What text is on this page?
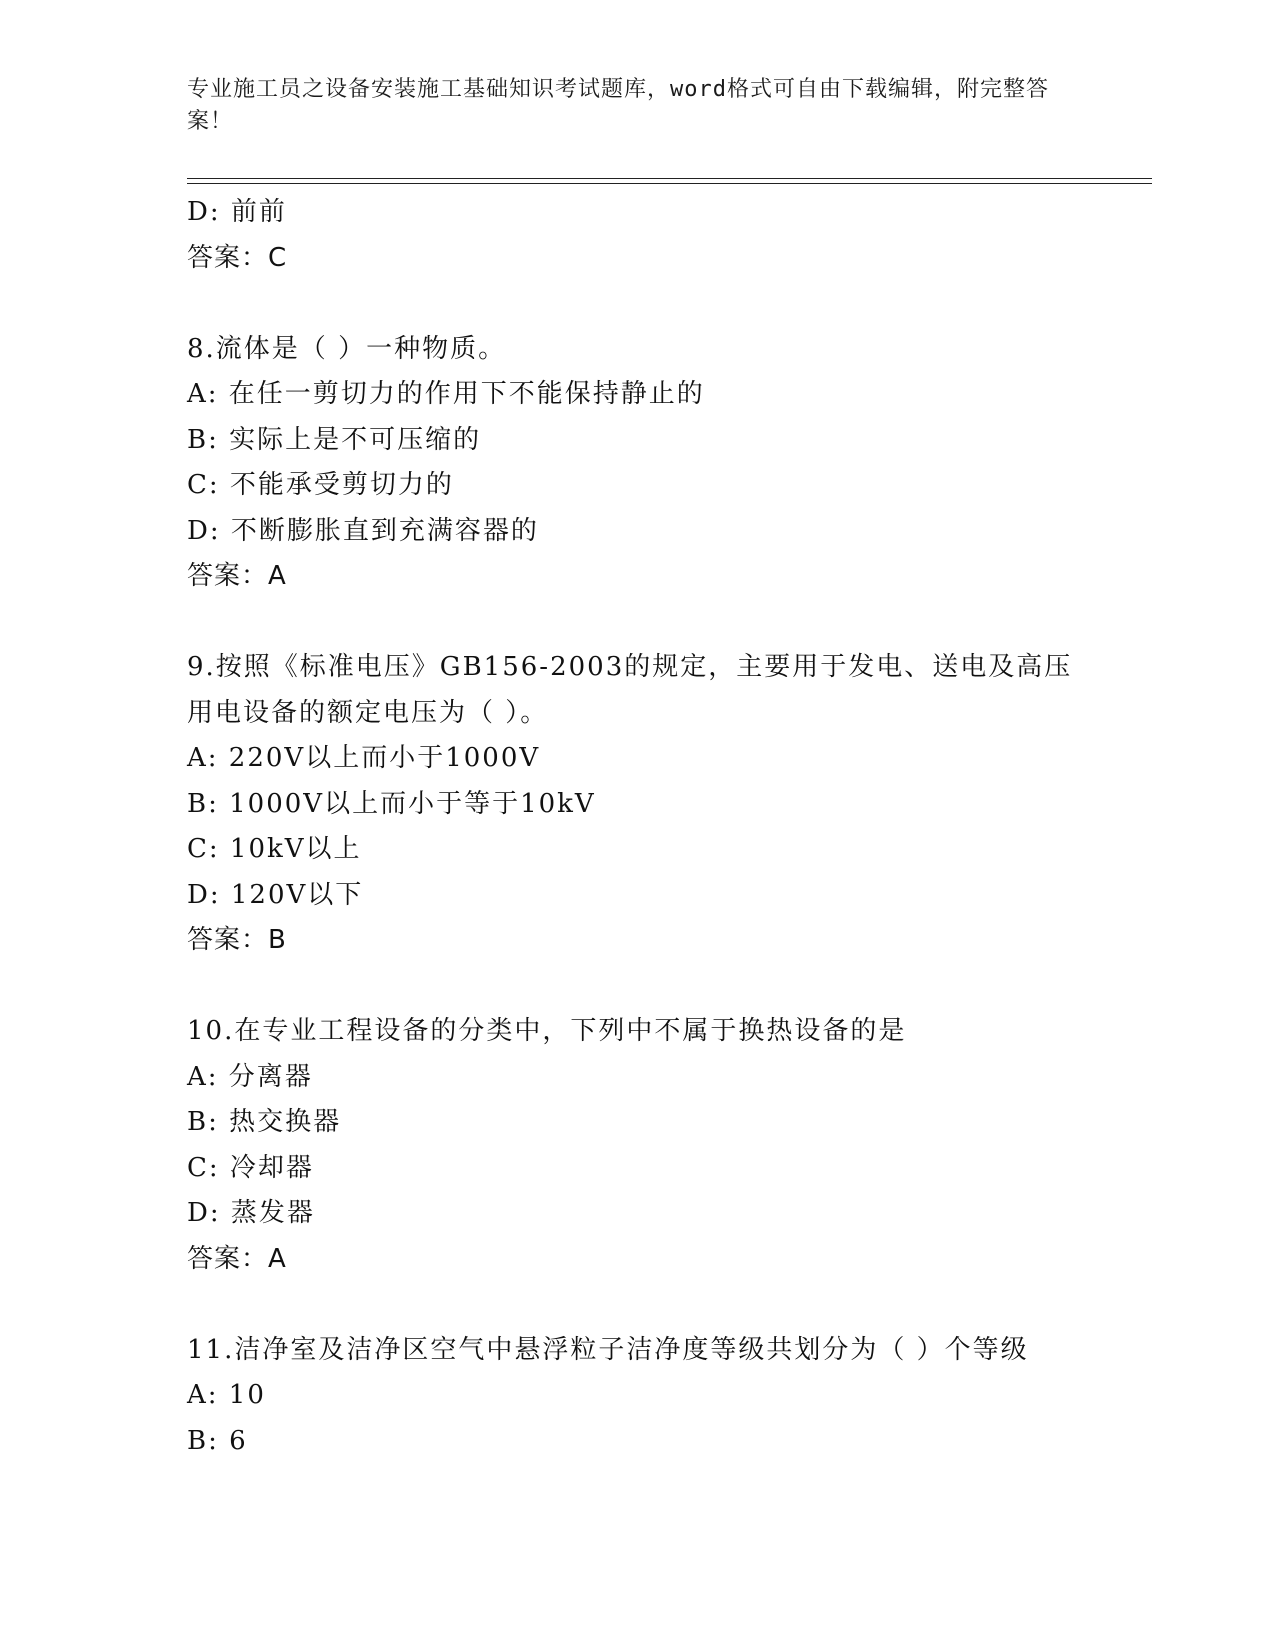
专业施工员之设备安装施工基础知识考试题库，word格式可自由下载编辑，附完整答案！
D: 前前
答案：C
8.流体是（ ）一种物质。
A: 在任一剪切力的作用下不能保持静止的
B: 实际上是不可压缩的
C: 不能承受剪切力的
D: 不断膨胀直到充满容器的
答案：A
9.按照《标准电压》GB156-2003的规定，主要用于发电、送电及高压
用电设备的额定电压为（ ）。
A: 220V以上而小于1000V
B: 1000V以上而小于等于10kV
C: 10kV以上
D: 120V以下
答案：B
10.在专业工程设备的分类中，下列中不属于换热设备的是
A: 分离器
B: 热交换器
C: 冷却器
D: 蒸发器
答案：A
11.洁净室及洁净区空气中悬浮粒子洁净度等级共划分为（ ）个等级
A: 10
B: 6
